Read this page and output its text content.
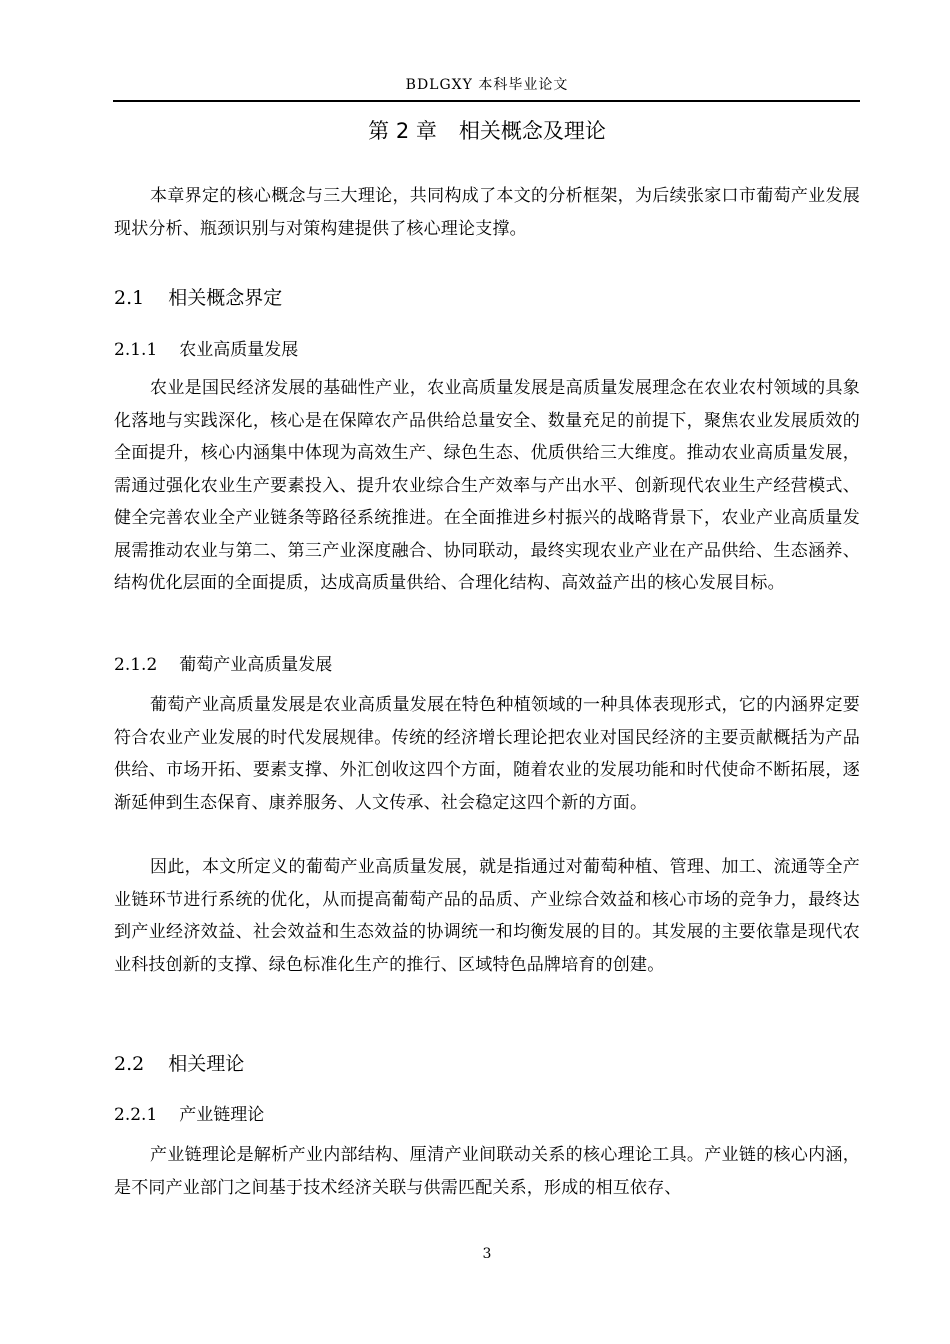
BDLGXY 本科毕业论文
第 2 章 相关概念及理论

本章界定的核心概念与三大理论，共同构成了本文的分析框架，为后续张家口市葡萄产业发展现状分析、瓶颈识别与对策构建提供了核心理论支撑。

2.1 相关概念界定
2.1.1 农业高质量发展

农业是国民经济发展的基础性产业，农业高质量发展是高质量发展理念在农业农村领域的具象化落地与实践深化，核心是在保障农产品供给总量安全、数量充足的前提下，聚焦农业发展质效的全面提升，核心内涵集中体现为高效生产、绿色生态、优质供给三大维度。推动农业高质量发展，需通过强化农业生产要素投入、提升农业综合生产效率与产出水平、创新现代农业生产经营模式、健全完善农业全产业链条等路径系统推进。在全面推进乡村振兴的战略背景下，农业产业高质量发展需推动农业与第二、第三产业深度融合、协同联动，最终实现农业产业在产品供给、生态涵养、结构优化层面的全面提质，达成高质量供给、合理化结构、高效益产出的核心发展目标。

2.1.2 葡萄产业高质量发展

葡萄产业高质量发展是农业高质量发展在特色种植领域的一种具体表现形式，它的内涵界定要符合农业产业发展的时代发展规律。传统的经济增长理论把农业对国民经济的主要贡献概括为产品供给、市场开拓、要素支撑、外汇创收这四个方面，随着农业的发展功能和时代使命不断拓展，逐渐延伸到生态保育、康养服务、人文传承、社会稳定这四个新的方面。

因此，本文所定义的葡萄产业高质量发展，就是指通过对葡萄种植、管理、加工、流通等全产业链环节进行系统的优化，从而提高葡萄产品的品质、产业综合效益和核心市场的竞争力，最终达到产业经济效益、社会效益和生态效益的协调统一和均衡发展的目的。其发展的主要依靠是现代农业科技创新的支撑、绿色标准化生产的推行、区域特色品牌培育的创建。

2.2 相关理论
2.2.1 产业链理论

产业链理论是解析产业内部结构、厘清产业间联动关系的核心理论工具。产业链的核心内涵，是不同产业部门之间基于技术经济关联与供需匹配关系，形成的相互依存、

3
